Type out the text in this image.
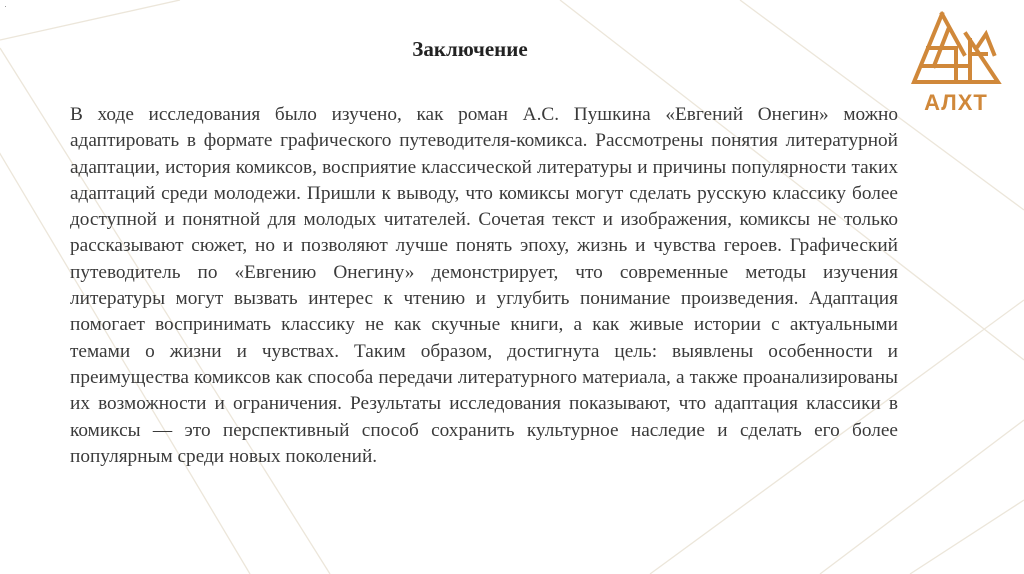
·
Заключение

В ходе исследования было изучено, как роман А.С. Пушкина «Евгений Онегин» можно адаптировать в формате графического путеводителя-комикса. Рассмотрены понятия литературной адаптации, история комиксов, восприятие классической литературы и причины популярности таких адаптаций среди молодежи. Пришли к выводу, что комиксы могут сделать русскую классику более доступной и понятной для молодых читателей. Сочетая текст и изображения, комиксы не только рассказывают сюжет, но и позволяют лучше понять эпоху, жизнь и чувства героев. Графический путеводитель по «Евгению Онегину» демонстрирует, что современные методы изучения литературы могут вызвать интерес к чтению и углубить понимание произведения. Адаптация помогает воспринимать классику не как скучные книги, а как живые истории с актуальными темами о жизни и чувствах. Таким образом, достигнута цель: выявлены особенности и преимущества комиксов как способа передачи литературного материала, а также проанализированы их возможности и ограничения. Результаты исследования показывают, что адаптация классики в комиксы — это перспективный способ сохранить культурное наследие и сделать его более популярным среди новых поколений.

АЛХТ
